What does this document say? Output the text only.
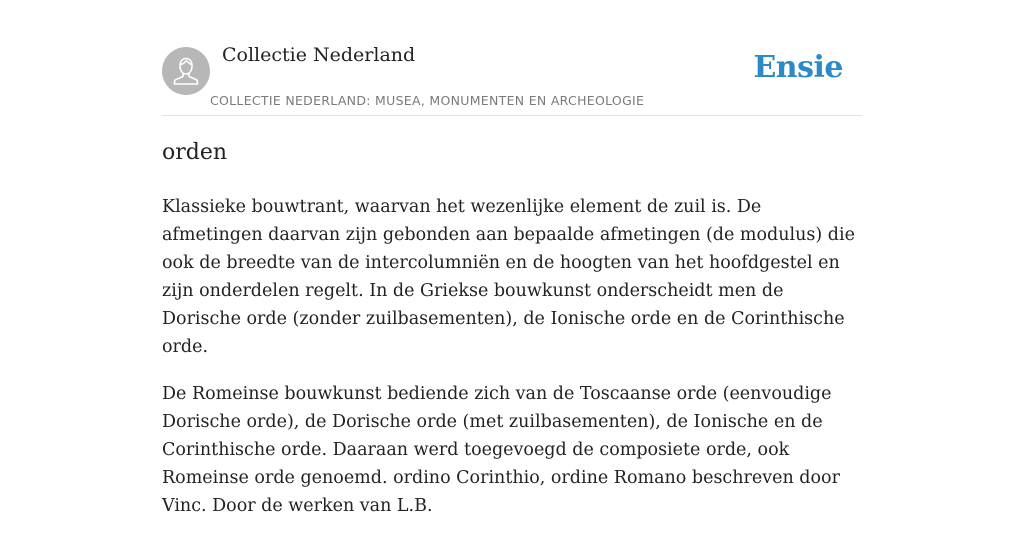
Collectie Nederland
COLLECTIE NEDERLAND: MUSEA, MONUMENTEN EN ARCHEOLOGIE
Ensie
orden

Klassieke bouwtrant, waarvan het wezenlijke element de zuil is. De afmetingen daarvan zijn gebonden aan bepaalde afmetingen (de modulus) die ook de breedte van de intercolumniën en de hoogten van het hoofdgestel en zijn onderdelen regelt. In de Griekse bouwkunst onderscheidt men de Dorische orde (zonder zuilbasementen), de Ionische orde en de Corinthische orde.

De Romeinse bouwkunst bediende zich van de Toscaanse orde (eenvoudige Dorische orde), de Dorische orde (met zuilbasementen), de Ionische en de Corinthische orde. Daaraan werd toegevoegd de composiete orde, ook Romeinse orde genoemd. ordino Corinthio, ordine Romano beschreven door Vinc. Door de werken van L.B.
